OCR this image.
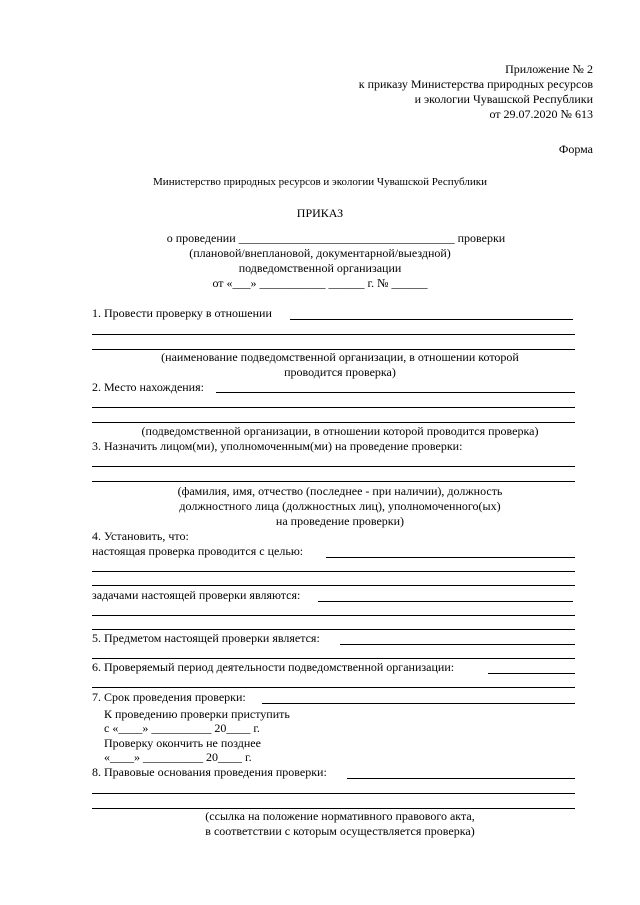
Приложение № 2
к приказу Министерства природных ресурсов
и экологии Чувашской Республики
от 29.07.2020 № 613
Форма
Министерство природных ресурсов и экологии Чувашской Республики
ПРИКАЗ
о проведении ____________________________________ проверки
(плановой/внеплановой, документарной/выездной)
подведомственной организации
от «___» ___________ ______ г. № ______
1. Провести проверку в отношении
(наименование подведомственной организации, в отношении которой
проводится проверка)
2. Место нахождения:
(подведомственной организации, в отношении которой проводится проверка)
3. Назначить лицом(ми), уполномоченным(ми) на проведение проверки:
(фамилия, имя, отчество (последнее - при наличии), должность
должностного лица (должностных лиц), уполномоченного(ых)
на проведение проверки)
4. Установить, что:
настоящая проверка проводится с целью:
задачами настоящей проверки являются:
5. Предметом настоящей проверки является:
6. Проверяемый период деятельности подведомственной организации:
7. Срок проведения проверки:
К проведению проверки приступить
с «____» __________ 20____ г.
Проверку окончить не позднее
«____» __________ 20____ г.
8. Правовые основания проведения проверки:
(ссылка на положение нормативного правового акта,
в соответствии с которым осуществляется проверка)
